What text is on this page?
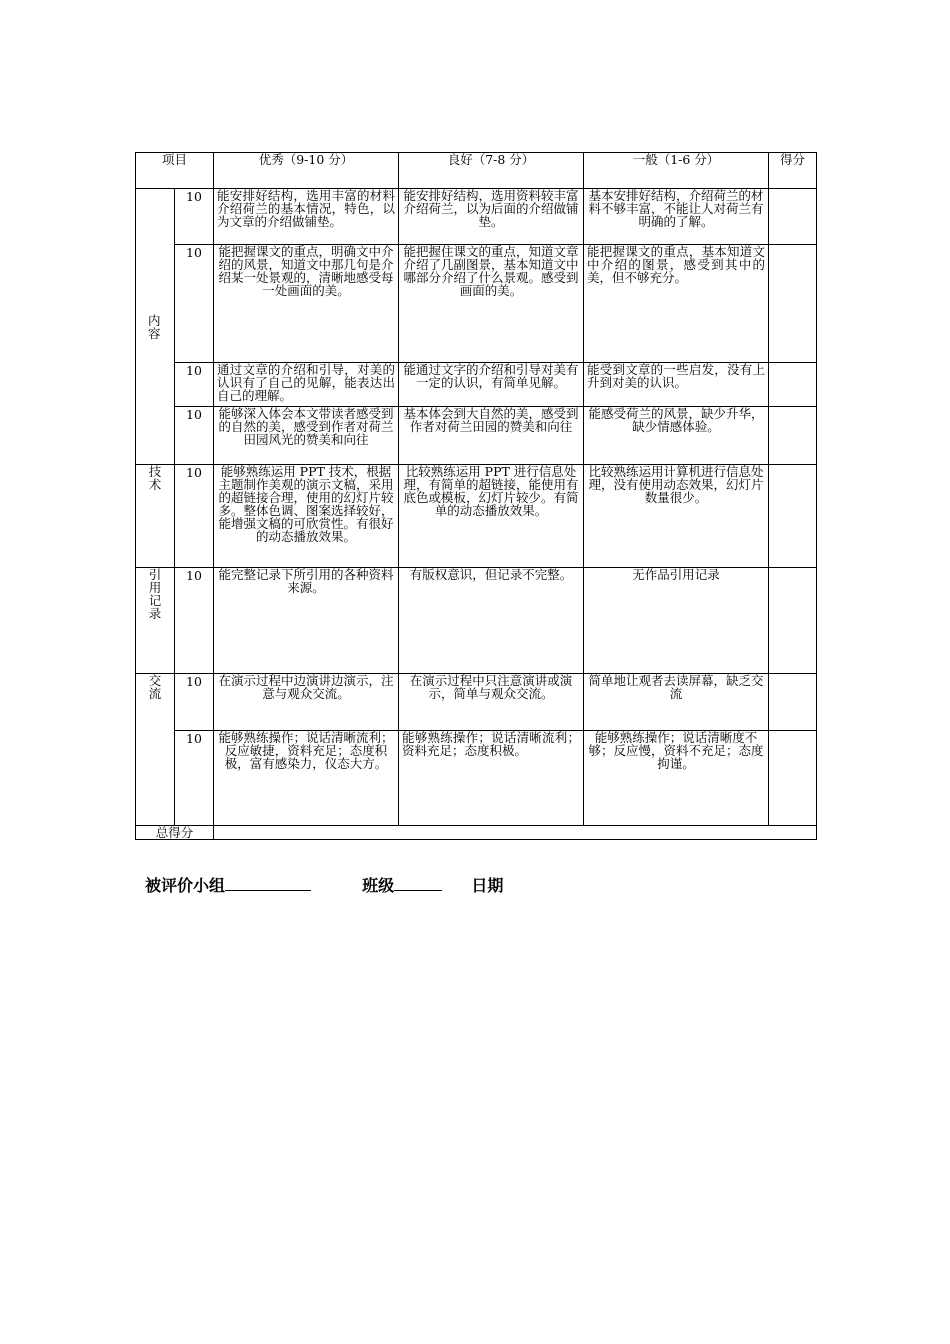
项目		优秀（9-10 分）	良好（7-8 分）	一般（1-6 分）	得分
内
容	10	能安排好结构，选用丰富的材料介绍荷兰的基本情况，特色，以为文章的介绍做铺垫。	能安排好结构，选用资料较丰富介绍荷兰，以为后面的介绍做铺垫。	基本安排好结构，介绍荷兰的材料不够丰富，不能让人对荷兰有明确的了解。	
	10	能把握课文的重点，明确文中介绍的风景，知道文中那几句是介绍某一处景观的，清晰地感受每一处画面的美。	能把握住课文的重点，知道文章介绍了几副图景，基本知道文中哪部分介绍了什么景观。感受到画面的美。	能把握课文的重点，基本知道文中介绍的图景，感受到其中的美，但不够充分。	
	10	通过文章的介绍和引导，对美的认识有了自己的见解，能表达出自己的理解。	能通过文字的介绍和引导对美有一定的认识，有简单见解。	能受到文章的一些启发，没有上升到对美的认识。	
	10	能够深入体会本文带读者感受到的自然的美，感受到作者对荷兰田园风光的赞美和向往	基本体会到大自然的美，感受到作者对荷兰田园的赞美和向往	能感受荷兰的风景，缺少升华，缺少情感体验。	
技
术	10	能够熟练运用 PPT 技术，根据主题制作美观的演示文稿，采用的超链接合理，使用的幻灯片较多。整体色调、图案选择较好，能增强文稿的可欣赏性。有很好的动态播放效果。	比较熟练运用 PPT 进行信息处理，有简单的超链接，能使用有底色或模板，幻灯片较少。有简单的动态播放效果。	比较熟练运用计算机进行信息处理，没有使用动态效果，幻灯片数量很少。	
引
用
记
录	10	能完整记录下所引用的各种资料来源。	有版权意识，但记录不完整。	无作品引用记录	
交
流	10	在演示过程中边演讲边演示，注意与观众交流。	在演示过程中只注意演讲或演示，简单与观众交流。	简单地让观者去读屏幕，缺乏交流	
	10	能够熟练操作；说话清晰流利；反应敏捷，资料充足；态度积极，富有感染力，仪态大方。	能够熟练操作；说话清晰流利；资料充足；态度积极。	能够熟练操作；说话清晰度不够；反应慢，资料不充足；态度拘谨。	
总得分					
被评价小组	班级	日期
